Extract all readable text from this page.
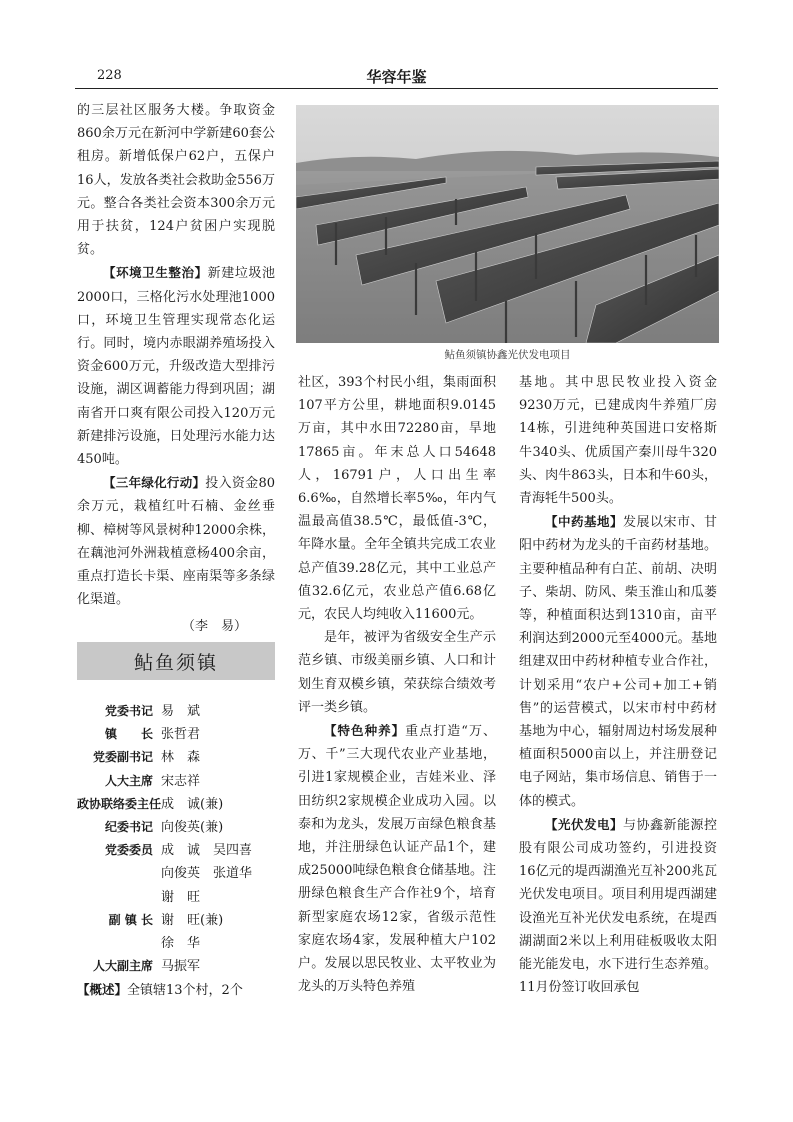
228	华容年鉴

的三层社区服务大楼。争取资金860余万元在新河中学新建60套公租房。新增低保户62户，五保户16人，发放各类社会救助金556万元。整合各类社会资本300余万元用于扶贫，124户贫困户实现脱贫。

【环境卫生整治】新建垃圾池2000口，三格化污水处理池1000口，环境卫生管理实现常态化运行。同时，境内赤眼湖养殖场投入资金600万元，升级改造大型排污设施，湖区调蓄能力得到巩固；湖南省开口爽有限公司投入120万元新建排污设施，日处理污水能力达450吨。

【三年绿化行动】投入资金80余万元，栽植红叶石楠、金丝垂柳、樟树等风景树种12000余株，在藕池河外洲栽植意杨400余亩，重点打造长卡渠、座南渠等多条绿化渠道。

（李　易）

鲇鱼须镇
党委书记 易　斌
镇　　长 张哲君
党委副书记 林　森
人大主席 宋志祥
政协联络委主任 成　诚(兼)
纪委书记 向俊英(兼)
党委委员 成　诚　吴四喜
向俊英　张道华
谢　旺
副 镇 长 谢　旺(兼)
徐　华
人大副主席 马振军
【概述】全镇辖13个村，2个
鲇鱼须镇协鑫光伏发电项目

社区，393个村民小组，集雨面积107平方公里，耕地面积9.0145万亩，其中水田72280亩，旱地17865亩。年末总人口54648人，16791户，人口出生率6.6‰，自然增长率5‰，年内气温最高值38.5℃，最低值-3℃，年降水量。全年全镇共完成工农业总产值39.28亿元，其中工业总产值32.6亿元，农业总产值6.68亿元，农民人均纯收入11600元。

是年，被评为省级安全生产示范乡镇、市级美丽乡镇、人口和计划生育双模乡镇，荣获综合绩效考评一类乡镇。

【特色种养】重点打造“万、万、千”三大现代农业产业基地，引进1家规模企业，吉娃米业、泽田纺织2家规模企业成功入园。以泰和为龙头，发展万亩绿色粮食基地，并注册绿色认证产品1个，建成25000吨绿色粮食仓储基地。注册绿色粮食生产合作社9个，培育新型家庭农场12家，省级示范性家庭农场4家，发展种植大户102户。发展以思民牧业、太平牧业为龙头的万头特色养殖

基地。其中思民牧业投入资金9230万元，已建成肉牛养殖厂房14栋，引进纯种英国进口安格斯牛340头、优质国产秦川母牛320头、肉牛863头，日本和牛60头，青海牦牛500头。

【中药基地】发展以宋市、甘阳中药材为龙头的千亩药材基地。主要种植品种有白芷、前胡、决明子、柴胡、防风、柴玉淮山和瓜蒌等，种植面积达到1310亩，亩平利润达到2000元至4000元。基地组建双田中药材种植专业合作社，计划采用“农户+公司+加工+销售”的运营模式，以宋市村中药材基地为中心，辐射周边村场发展种植面积5000亩以上，并注册登记电子网站，集市场信息、销售于一体的模式。

【光伏发电】与协鑫新能源控股有限公司成功签约，引进投资16亿元的堤西湖渔光互补200兆瓦光伏发电项目。项目利用堤西湖建设渔光互补光伏发电系统，在堤西湖湖面2米以上利用硅板吸收太阳能光能发电，水下进行生态养殖。11月份签订收回承包
